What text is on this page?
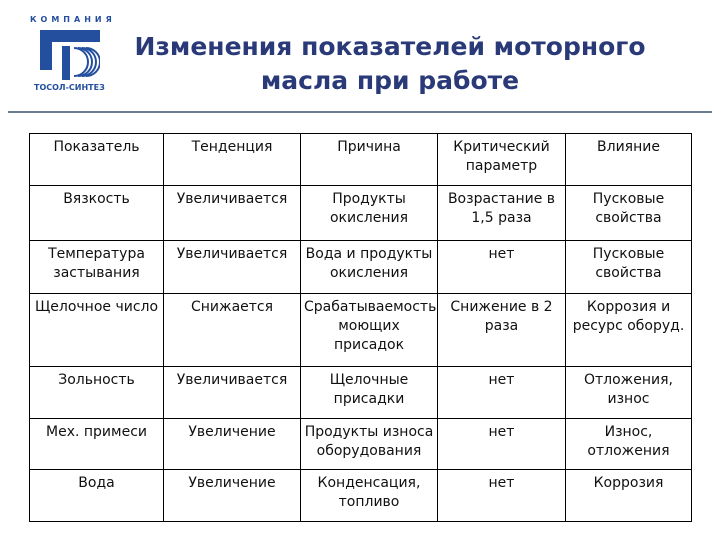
КОМПАНИЯ
ТОСОЛ-СИНТЕЗ
Изменения показателей моторного
масла при работе
Показатель	Тенденция	Причина	Критический параметр	Влияние
Вязкость	Увеличивается	Продукты окисления	Возрастание в 1,5 раза	Пусковые свойства
Температура застывания	Увеличивается	Вода и продукты окисления	нет	Пусковые свойства
Щелочное число	Снижается	Срабатываемость моющих присадок	Снижение в 2 раза	Коррозия и ресурс оборуд.
Зольность	Увеличивается	Щелочные присадки	нет	Отложения, износ
Мех. примеси	Увеличение	Продукты износа оборудования	нет	Износ, отложения
Вода	Увеличение	Конденсация, топливо	нет	Коррозия
